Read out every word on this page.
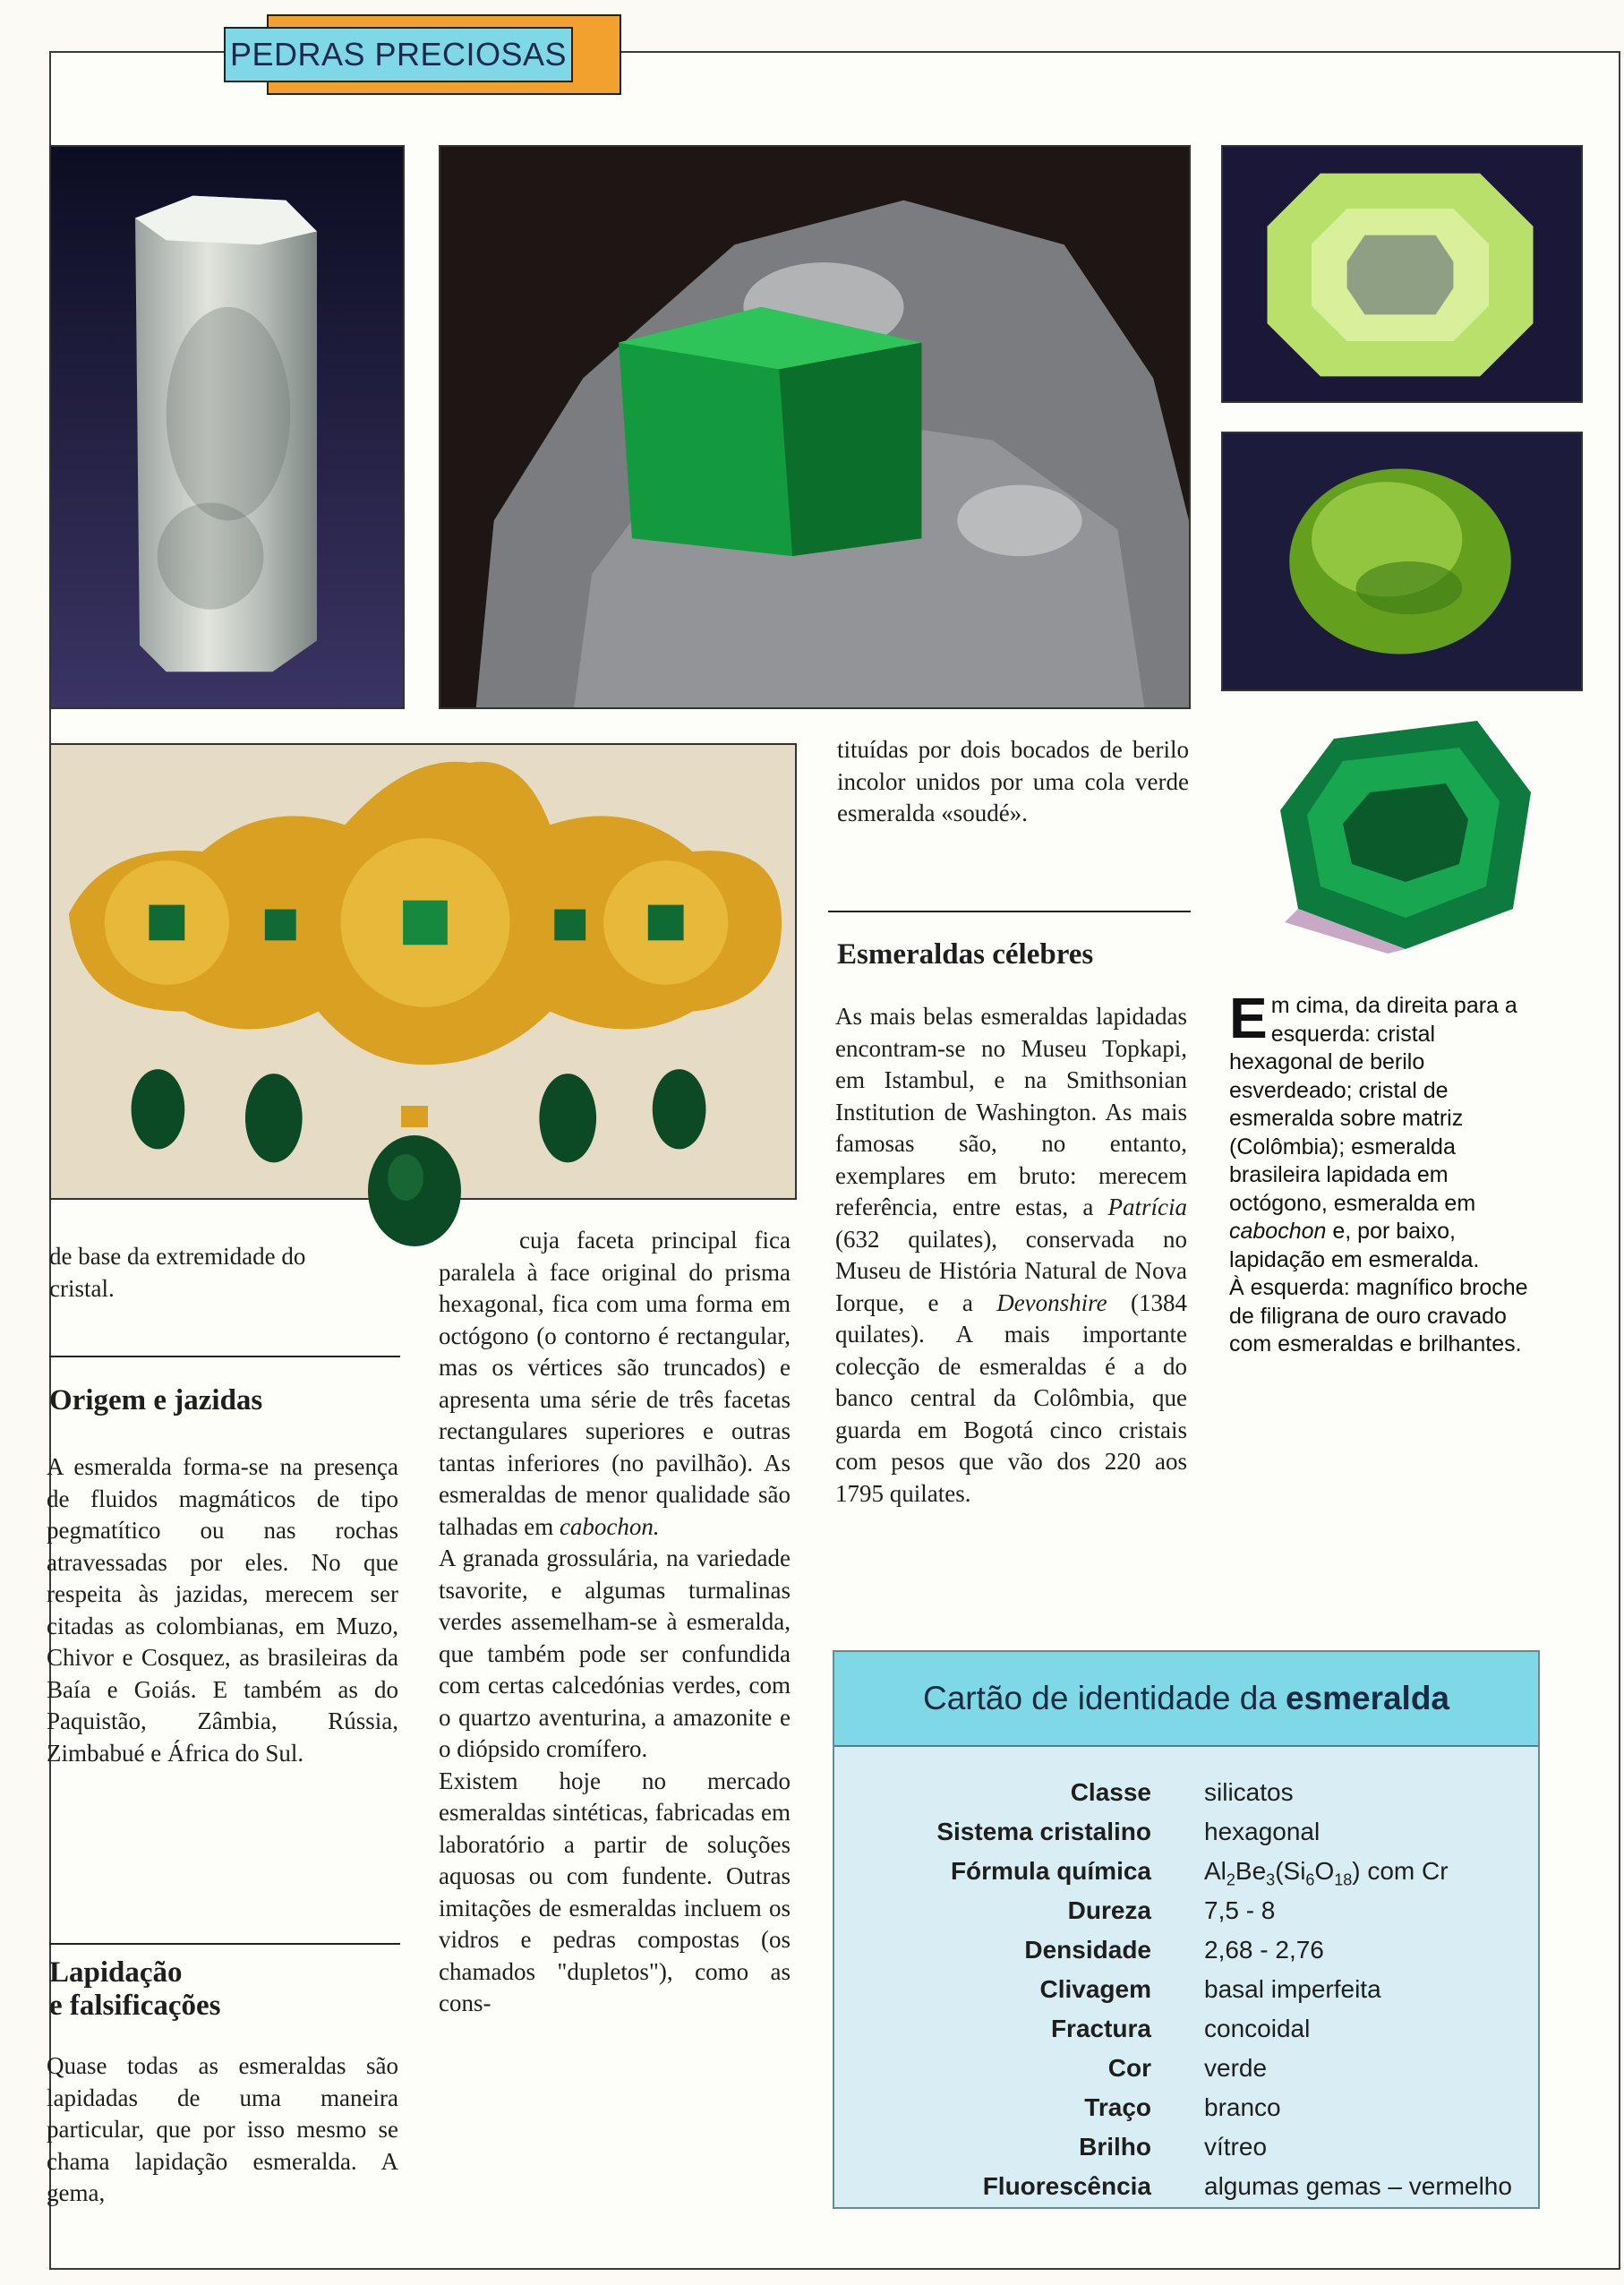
PEDRAS PRECIOSAS
de base da extremidade do cristal.
Origem e jazidas
A esmeralda forma-se na presença de fluidos magmáticos de tipo pegmatítico ou nas rochas atravessadas por eles. No que respeita às jazidas, merecem ser citadas as colombianas, em Muzo, Chivor e Cosquez, as brasileiras da Baía e Goiás. E também as do Paquistão, Zâmbia, Rússia, Zimbabué e África do Sul.
Lapidação
e falsificações
Quase todas as esmeraldas são lapidadas de uma maneira particular, que por isso mesmo se chama lapidação esmeralda. A gema,

cuja faceta principal fica paralela à face original do prisma hexagonal, fica com uma forma em octógono (o contorno é rectangular, mas os vértices são truncados) e apresenta uma série de três facetas rectangulares superiores e outras tantas inferiores (no pavilhão). As esmeraldas de menor qualidade são talhadas em cabochon.

A granada grossulária, na variedade tsavorite, e algumas turmalinas verdes assemelham-se à esmeralda, que também pode ser confundida com certas calcedónias verdes, com o quartzo aventurina, a amazonite e o diópsido cromífero.

Existem hoje no mercado esmeraldas sintéticas, fabricadas em laboratório a partir de soluções aquosas ou com fundente. Outras imitações de esmeraldas incluem os vidros e pedras compostas (os chamados "dupletos"), como as cons-

tituídas por dois bocados de berilo incolor unidos por uma cola verde esmeralda «soudé».
Esmeraldas célebres

As mais belas esmeraldas lapidadas encontram-se no Museu Topkapi, em Istambul, e na Smithsonian Institution de Washington. As mais famosas são, no entanto, exemplares em bruto: merecem referência, entre estas, a Patrícia (632 quilates), conservada no Museu de História Natural de Nova Iorque, e a Devonshire (1384 quilates). A mais importante colecção de esmeraldas é a do banco central da Colômbia, que guarda em Bogotá cinco cristais com pesos que vão dos 220 aos 1795 quilates.

Em cima, da direita para a esquerda: cristal hexagonal de berilo esverdeado; cristal de esmeralda sobre matriz (Colômbia); esmeralda brasileira lapidada em octógono, esmeralda em cabochon e, por baixo, lapidação em esmeralda.
À esquerda: magnífico broche de filigrana de ouro cravado com esmeraldas e brilhantes.
Cartão de identidade da esmeralda
Classe silicatos
Sistema cristalino hexagonal
Fórmula química $Al_2Be_3(Si_6O_{18})$ com Cr
Dureza 7,5 - 8
Densidade 2,68 - 2,76
Clivagem basal imperfeita
Fractura concoidal
Cor verde
Traço branco
Brilho vítreo
Fluorescência algumas gemas – vermelho
